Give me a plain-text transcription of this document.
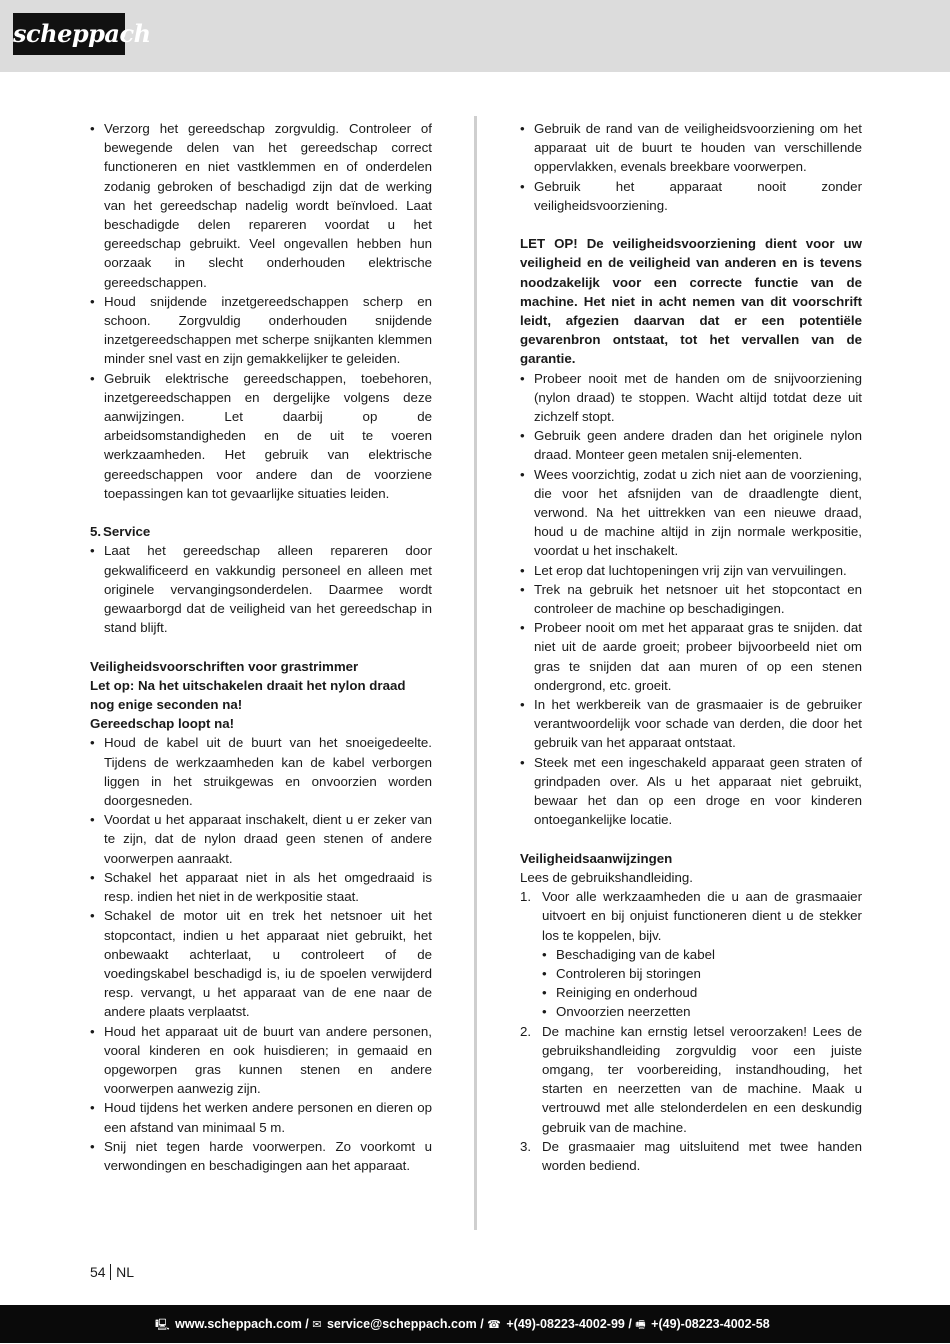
scheppach
• Verzorg het gereedschap zorgvuldig. Controleer of bewegende delen van het gereedschap correct functioneren en niet vastklemmen en of onderdelen zodanig gebroken of beschadigd zijn dat de werking van het gereedschap nadelig wordt beïnvloed. Laat beschadigde delen repareren voordat u het gereedschap gebruikt. Veel ongevallen hebben hun oorzaak in slecht onderhouden elektrische gereedschappen.
• Houd snijdende inzetgereedschappen scherp en schoon. Zorgvuldig onderhouden snijdende inzetgereedschappen met scherpe snijkanten klemmen minder snel vast en zijn gemakkelijker te geleiden.
• Gebruik elektrische gereedschappen, toebehoren, inzetgereedschappen en dergelijke volgens deze aanwijzingen. Let daarbij op de arbeidsomstandigheden en de uit te voeren werkzaamheden. Het gebruik van elektrische gereedschappen voor andere dan de voorziene toepassingen kan tot gevaarlijke situaties leiden.

5. Service

• Laat het gereedschap alleen repareren door gekwalificeerd en vakkundig personeel en alleen met originele vervangingsonderdelen. Daarmee wordt gewaarborgd dat de veiligheid van het gereedschap in stand blijft.

Veiligheidsvoorschriften voor grastrimmer

Let op: Na het uitschakelen draait het nylon draad nog enige seconden na!

Gereedschap loopt na!

• Houd de kabel uit de buurt van het snoeigedeelte. Tijdens de werkzaamheden kan de kabel verborgen liggen in het struikgewas en onvoorzien worden doorgesneden.
• Voordat u het apparaat inschakelt, dient u er zeker van te zijn, dat de nylon draad geen stenen of andere voorwerpen aanraakt.
• Schakel het apparaat niet in als het omgedraaid is resp. indien het niet in de werkpositie staat.
• Schakel de motor uit en trek het netsnoer uit het stopcontact, indien u het apparaat niet gebruikt, het onbewaakt achterlaat, u controleert of de voedingskabel beschadigd is, iu de spoelen verwijderd resp. vervangt, u het apparaat van de ene naar de andere plaats verplaatst.
• Houd het apparaat uit de buurt van andere personen, vooral kinderen en ook huisdieren; in gemaaid en opgeworpen gras kunnen stenen en andere voorwerpen aanwezig zijn.
• Houd tijdens het werken andere personen en dieren op een afstand van minimaal 5 m.
• Snij niet tegen harde voorwerpen. Zo voorkomt u verwondingen en beschadigingen aan het apparaat.
• Gebruik de rand van de veiligheidsvoorziening om het apparaat uit de buurt te houden van verschillende oppervlakken, evenals breekbare voorwerpen.
• Gebruik het apparaat nooit zonder veiligheidsvoorziening.

LET OP! De veiligheidsvoorziening dient voor uw veiligheid en de veiligheid van anderen en is tevens noodzakelijk voor een correcte functie van de machine. Het niet in acht nemen van dit voorschrift leidt, afgezien daarvan dat er een potentiële gevarenbron ontstaat, tot het vervallen van de garantie.

• Probeer nooit met de handen om de snijvoorziening (nylon draad) te stoppen. Wacht altijd totdat deze uit zichzelf stopt.
• Gebruik geen andere draden dan het originele nylon draad. Monteer geen metalen snij-elementen.
• Wees voorzichtig, zodat u zich niet aan de voorziening, die voor het afsnijden van de draadlengte dient, verwond. Na het uittrekken van een nieuwe draad, houd u de machine altijd in zijn normale werkpositie, voordat u het inschakelt.
• Let erop dat luchtopeningen vrij zijn van vervuilingen.
• Trek na gebruik het netsnoer uit het stopcontact en controleer de machine op beschadigingen.
• Probeer nooit om met het apparaat gras te snijden. dat niet uit de aarde groeit; probeer bijvoorbeeld niet om gras te snijden dat aan muren of op een stenen ondergrond, etc. groeit.
• In het werkbereik van de grasmaaier is de gebruiker verantwoordelijk voor schade van derden, die door het gebruik van het apparaat ontstaat.
• Steek met een ingeschakeld apparaat geen straten of grindpaden over. Als u het apparaat niet gebruikt, bewaar het dan op een droge en voor kinderen ontoegankelijke locatie.

Veiligheidsaanwijzingen

Lees de gebruikshandleiding.

1. Voor alle werkzaamheden die u aan de grasmaaier uitvoert en bij onjuist functioneren dient u de stekker los te koppelen, bijv.
• Beschadiging van de kabel
• Controleren bij storingen
• Reiniging en onderhoud
• Onvoorzien neerzetten
2. De machine kan ernstig letsel veroorzaken! Lees de gebruikshandleiding zorgvuldig voor een juiste omgang, ter voorbereiding, instandhouding, het starten en neerzetten van de machine. Maak u vertrouwd met alle stelonderdelen en een deskundig gebruik van de machine.
3. De grasmaaier mag uitsluitend met twee handen worden bediend.
54 NL
🖳 www.scheppach.com / ✉ service@scheppach.com / ☎ +(49)-08223-4002-99 / 🖷 +(49)-08223-4002-58
